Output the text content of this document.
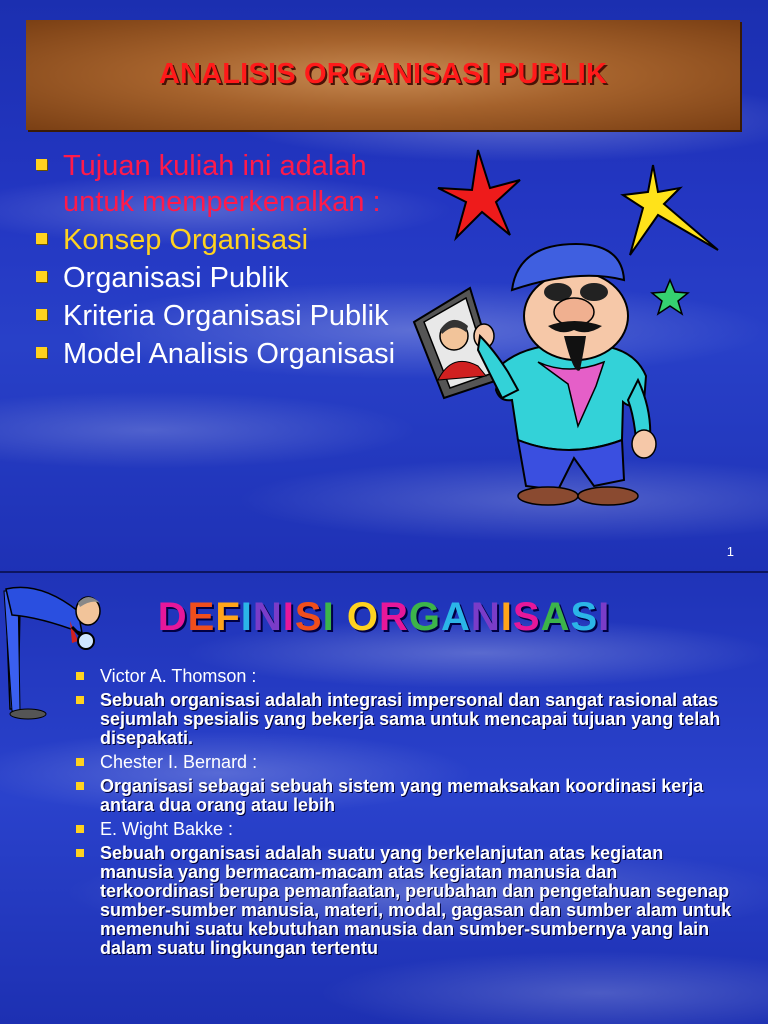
ANALISIS ORGANISASI PUBLIK
Tujuan kuliah ini adalah untuk memperkenalkan :
Konsep Organisasi
Organisasi Publik
Kriteria Organisasi Publik
Model Analisis Organisasi
1
DEFINISI ORGANISASI
Victor A. Thomson :
Sebuah organisasi adalah integrasi impersonal dan sangat rasional atas sejumlah spesialis yang bekerja sama untuk mencapai tujuan yang telah disepakati.
Chester I. Bernard :
Organisasi sebagai sebuah sistem yang memaksakan koordinasi kerja antara dua orang atau lebih
E. Wight Bakke :
Sebuah organisasi adalah suatu yang berkelanjutan atas kegiatan manusia yang bermacam-macam atas kegiatan manusia dan terkoordinasi berupa pemanfaatan, perubahan dan pengetahuan segenap sumber-sumber manusia, materi, modal, gagasan dan sumber alam untuk memenuhi suatu kebutuhan manusia dan sumber-sumbernya yang lain dalam suatu lingkungan tertentu
